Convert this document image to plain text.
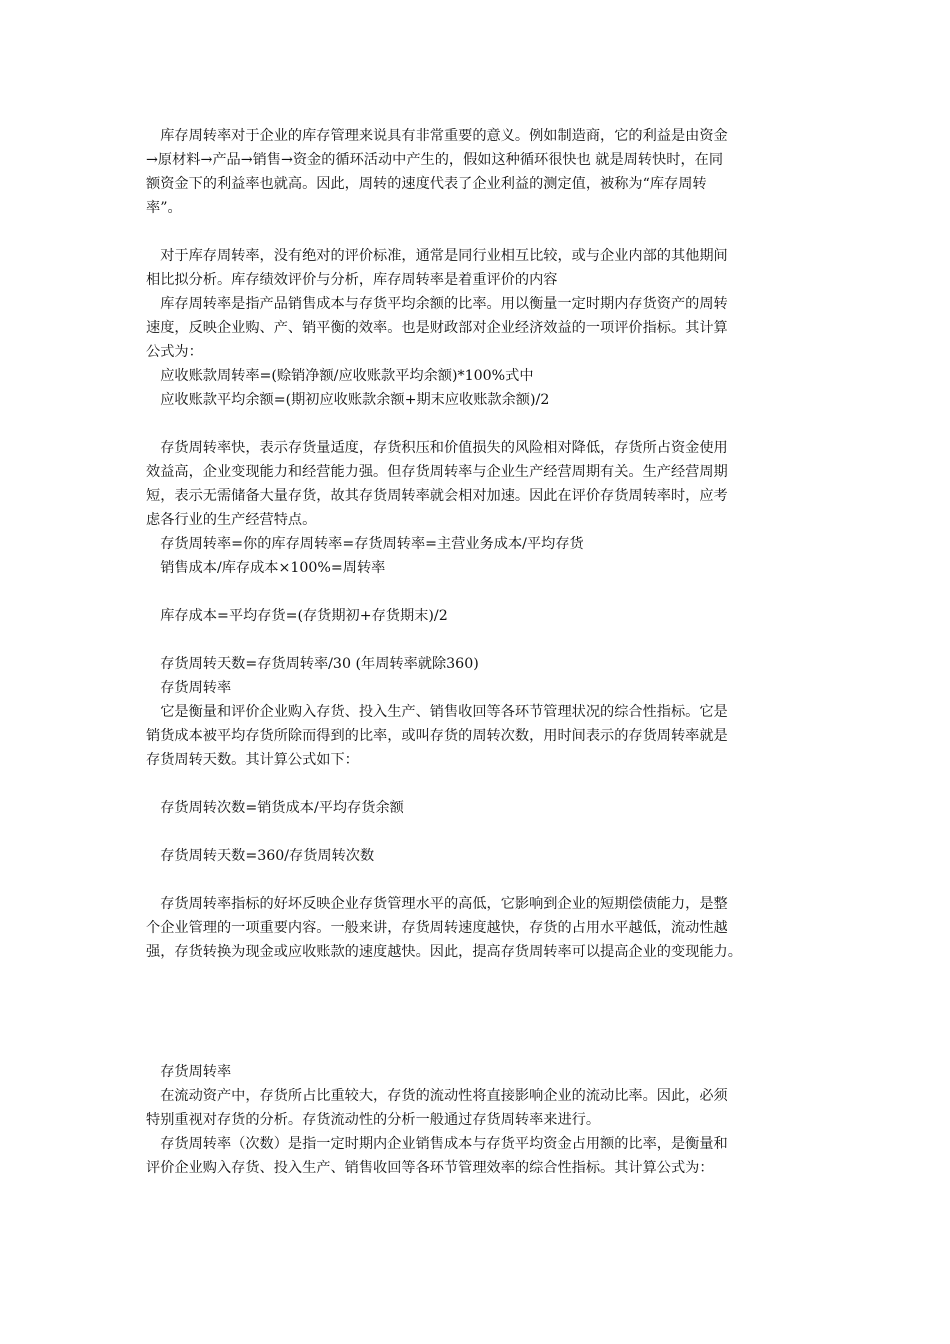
　库存周转率对于企业的库存管理来说具有非常重要的意义。例如制造商，它的利益是由资金
→原材料→产品→销售→资金的循环活动中产生的，假如这种循环很快也 就是周转快时，在同
额资金下的利益率也就高。因此，周转的速度代表了企业利益的测定值，被称为“库存周转
率”。
　对于库存周转率，没有绝对的评价标准，通常是同行业相互比较，或与企业内部的其他期间
相比拟分析。库存绩效评价与分析，库存周转率是着重评价的内容
　库存周转率是指产品销售成本与存货平均余额的比率。用以衡量一定时期内存货资产的周转
速度，反映企业购、产、销平衡的效率。也是财政部对企业经济效益的一项评价指标。其计算
公式为：
　应收账款周转率=(赊销净额/应收账款平均余额)*100%式中
　应收账款平均余额=(期初应收账款余额+期末应收账款余额)/2
　存货周转率快，表示存货量适度，存货积压和价值损失的风险相对降低，存货所占资金使用
效益高，企业变现能力和经营能力强。但存货周转率与企业生产经营周期有关。生产经营周期
短，表示无需储备大量存货，故其存货周转率就会相对加速。因此在评价存货周转率时，应考
虑各行业的生产经营特点。
　存货周转率=你的库存周转率=存货周转率=主营业务成本/平均存货
　销售成本/库存成本×100%=周转率
　库存成本=平均存货=(存货期初+存货期末)/2
　存货周转天数=存货周转率/30 (年周转率就除360)
　存货周转率
　它是衡量和评价企业购入存货、投入生产、销售收回等各环节管理状况的综合性指标。它是
销货成本被平均存货所除而得到的比率，或叫存货的周转次数，用时间表示的存货周转率就是
存货周转天数。其计算公式如下：
　存货周转次数=销货成本/平均存货余额
　存货周转天数=360/存货周转次数
　存货周转率指标的好坏反映企业存货管理水平的高低，它影响到企业的短期偿债能力，是整
个企业管理的一项重要内容。一般来讲，存货周转速度越快，存货的占用水平越低，流动性越
强，存货转换为现金或应收账款的速度越快。因此，提高存货周转率可以提高企业的变现能力。
　存货周转率
　在流动资产中，存货所占比重较大，存货的流动性将直接影响企业的流动比率。因此，必须
特别重视对存货的分析。存货流动性的分析一般通过存货周转率来进行。
　存货周转率（次数）是指一定时期内企业销售成本与存货平均资金占用额的比率，是衡量和
评价企业购入存货、投入生产、销售收回等各环节管理效率的综合性指标。其计算公式为：
